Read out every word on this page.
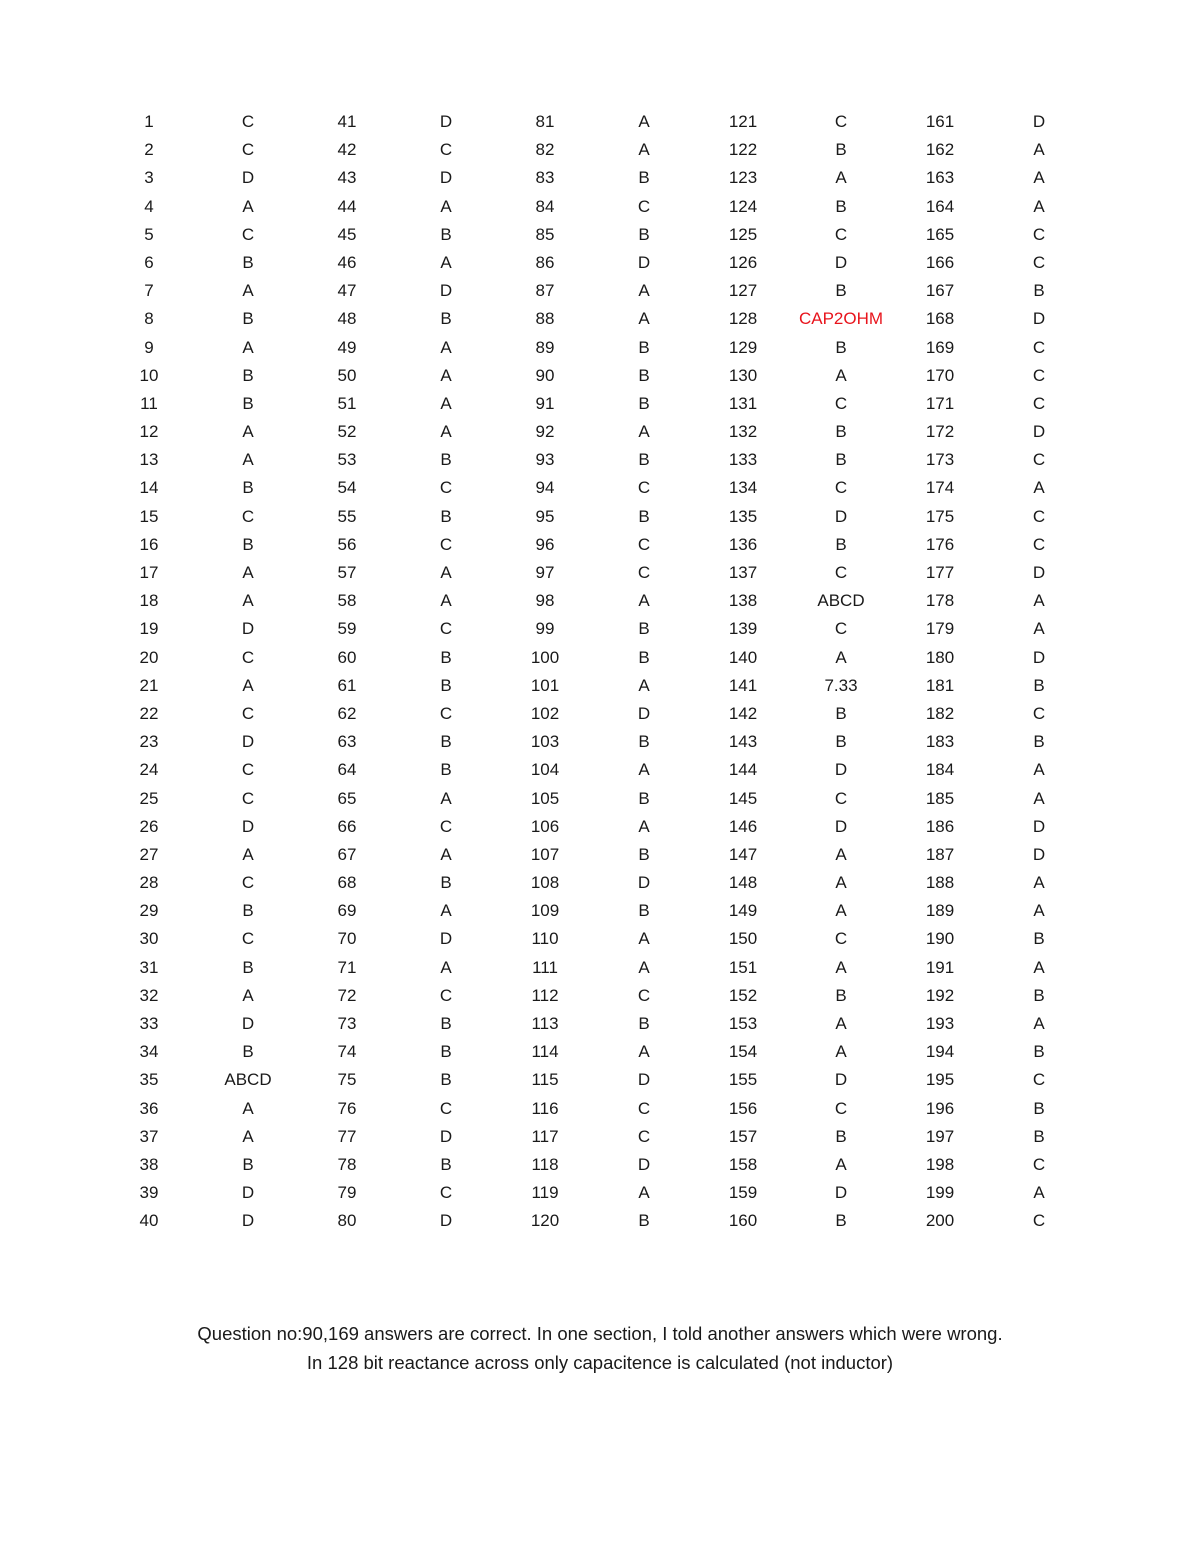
1	C	41	D	81	A	121	C	161	D
2	C	42	C	82	A	122	B	162	A
3	D	43	D	83	B	123	A	163	A
4	A	44	A	84	C	124	B	164	A
5	C	45	B	85	B	125	C	165	C
6	B	46	A	86	D	126	D	166	C
7	A	47	D	87	A	127	B	167	B
8	B	48	B	88	A	128	CAP2OHM	168	D
9	A	49	A	89	B	129	B	169	C
10	B	50	A	90	B	130	A	170	C
11	B	51	A	91	B	131	C	171	C
12	A	52	A	92	A	132	B	172	D
13	A	53	B	93	B	133	B	173	C
14	B	54	C	94	C	134	C	174	A
15	C	55	B	95	B	135	D	175	C
16	B	56	C	96	C	136	B	176	C
17	A	57	A	97	C	137	C	177	D
18	A	58	A	98	A	138	ABCD	178	A
19	D	59	C	99	B	139	C	179	A
20	C	60	B	100	B	140	A	180	D
21	A	61	B	101	A	141	7.33	181	B
22	C	62	C	102	D	142	B	182	C
23	D	63	B	103	B	143	B	183	B
24	C	64	B	104	A	144	D	184	A
25	C	65	A	105	B	145	C	185	A
26	D	66	C	106	A	146	D	186	D
27	A	67	A	107	B	147	A	187	D
28	C	68	B	108	D	148	A	188	A
29	B	69	A	109	B	149	A	189	A
30	C	70	D	110	A	150	C	190	B
31	B	71	A	111	A	151	A	191	A
32	A	72	C	112	C	152	B	192	B
33	D	73	B	113	B	153	A	193	A
34	B	74	B	114	A	154	A	194	B
35	ABCD	75	B	115	D	155	D	195	C
36	A	76	C	116	C	156	C	196	B
37	A	77	D	117	C	157	B	197	B
38	B	78	B	118	D	158	A	198	C
39	D	79	C	119	A	159	D	199	A
40	D	80	D	120	B	160	B	200	C
Question no:90,169 answers are correct. In one section, I told another answers which were wrong.
In 128 bit reactance across only capacitence is calculated (not inductor)
